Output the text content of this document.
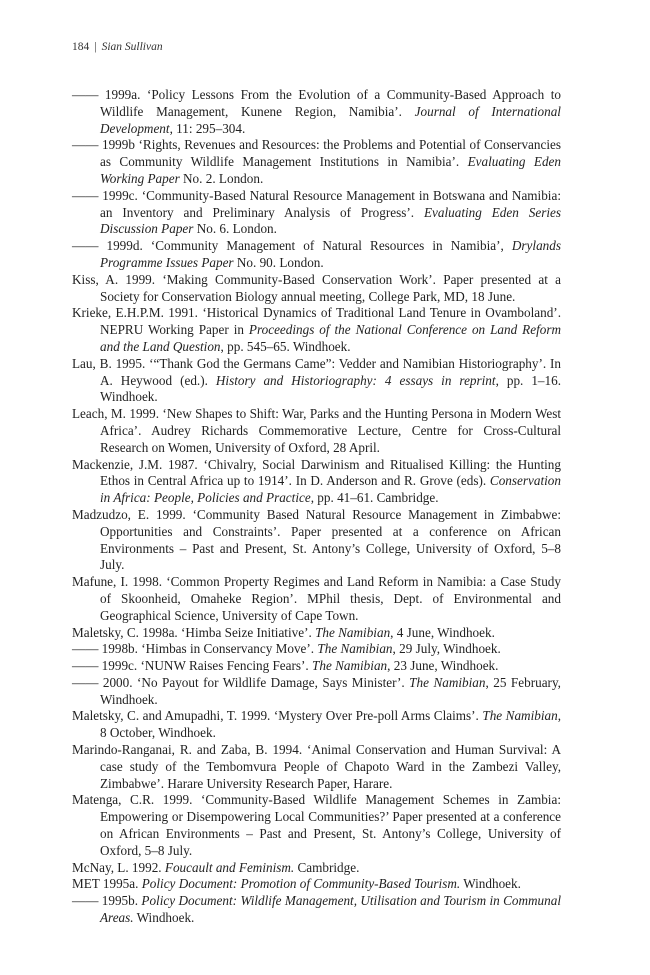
184 | Sian Sullivan

—— 1999a. ‘Policy Lessons From the Evolution of a Community-Based Approach to Wildlife Management, Kunene Region, Namibia’. Journal of International Development, 11: 295–304.

—— 1999b ‘Rights, Revenues and Resources: the Problems and Potential of Conservancies as Community Wildlife Management Institutions in Namibia’. Evaluating Eden Working Paper No. 2. London.

—— 1999c. ‘Community-Based Natural Resource Management in Botswana and Namibia: an Inventory and Preliminary Analysis of Progress’. Evaluating Eden Series Discussion Paper No. 6. London.

—— 1999d. ‘Community Management of Natural Resources in Namibia’, Drylands Programme Issues Paper No. 90. London.

Kiss, A. 1999. ‘Making Community-Based Conservation Work’. Paper presented at a Society for Conservation Biology annual meeting, College Park, MD, 18 June.

Krieke, E.H.P.M. 1991. ‘Historical Dynamics of Traditional Land Tenure in Ovamboland’. NEPRU Working Paper in Proceedings of the National Conference on Land Reform and the Land Question, pp. 545–65. Windhoek.

Lau, B. 1995. ‘“Thank God the Germans Came”: Vedder and Namibian Historiography’. In A. Heywood (ed.). History and Historiography: 4 essays in reprint, pp. 1–16. Windhoek.

Leach, M. 1999. ‘New Shapes to Shift: War, Parks and the Hunting Persona in Modern West Africa’. Audrey Richards Commemorative Lecture, Centre for Cross-Cultural Research on Women, University of Oxford, 28 April.

Mackenzie, J.M. 1987. ‘Chivalry, Social Darwinism and Ritualised Killing: the Hunting Ethos in Central Africa up to 1914’. In D. Anderson and R. Grove (eds). Conservation in Africa: People, Policies and Practice, pp. 41–61. Cambridge.

Madzudzo, E. 1999. ‘Community Based Natural Resource Management in Zimbabwe: Opportunities and Constraints’. Paper presented at a conference on African Environments – Past and Present, St. Antony’s College, University of Oxford, 5–8 July.

Mafune, I. 1998. ‘Common Property Regimes and Land Reform in Namibia: a Case Study of Skoonheid, Omaheke Region’. MPhil thesis, Dept. of Environmental and Geographical Science, University of Cape Town.

Maletsky, C. 1998a. ‘Himba Seize Initiative’. The Namibian, 4 June, Windhoek.

—— 1998b. ‘Himbas in Conservancy Move’. The Namibian, 29 July, Windhoek.

—— 1999c. ‘NUNW Raises Fencing Fears’. The Namibian, 23 June, Windhoek.

—— 2000. ‘No Payout for Wildlife Damage, Says Minister’. The Namibian, 25 February, Windhoek.

Maletsky, C. and Amupadhi, T. 1999. ‘Mystery Over Pre-poll Arms Claims’. The Namibian, 8 October, Windhoek.

Marindo-Ranganai, R. and Zaba, B. 1994. ‘Animal Conservation and Human Survival: A case study of the Tembomvura People of Chapoto Ward in the Zambezi Valley, Zimbabwe’. Harare University Research Paper, Harare.

Matenga, C.R. 1999. ‘Community-Based Wildlife Management Schemes in Zambia: Empowering or Disempowering Local Communities?’ Paper presented at a conference on African Environments – Past and Present, St. Antony’s College, University of Oxford, 5–8 July.

McNay, L. 1992. Foucault and Feminism. Cambridge.

MET 1995a. Policy Document: Promotion of Community-Based Tourism. Windhoek.

—— 1995b. Policy Document: Wildlife Management, Utilisation and Tourism in Communal Areas. Windhoek.
